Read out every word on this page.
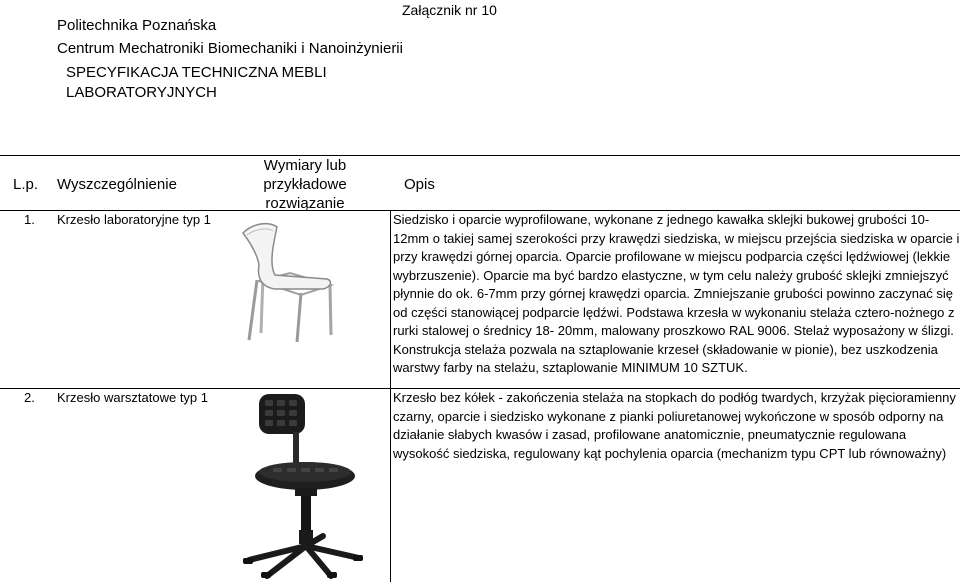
Załącznik nr 10
Politechnika Poznańska
Centrum Mechatroniki Biomechaniki i Nanoinżynierii
SPECYFIKACJA TECHNICZNA MEBLI
LABORATORYJNYCH
L.p. Wyszczególnienie
Wymiary lub
przykładowe
rozwiązanie
Opis
1. Krzesło laboratoryjne typ 1	Siedzisko i oparcie wyprofilowane, wykonane z jednego kawałka sklejki bukowej grubości 10-
12mm o takiej samej szerokości przy krawędzi siedziska, w miejscu przejścia siedziska w oparcie i
przy krawędzi górnej oparcia. Oparcie profilowane w miejscu podparcia części lędźwiowej (lekkie
wybrzuszenie). Oparcie ma być bardzo elastyczne, w tym celu należy grubość sklejki zmniejszyć
płynnie do ok. 6-7mm przy górnej krawędzi oparcia. Zmniejszanie grubości powinno zaczynać się
od części stanowiącej podparcie lędźwi. Podstawa krzesła w wykonaniu stelaża cztero-nożnego z
rurki stalowej o średnicy 18- 20mm, malowany proszkowo RAL 9006. Stelaż wyposażony w ślizgi.
Konstrukcja stelaża pozwala na sztaplowanie krzeseł (składowanie w pionie), bez uszkodzenia
warstwy farby na stelażu, sztaplowanie MINIMUM 10 SZTUK.
2. Krzesło warsztatowe typ 1	Krzesło bez kółek - zakończenia stelaża na stopkach do podłóg twardych, krzyżak pięcioramienny
czarny, oparcie i siedzisko wykonane z pianki poliuretanowej wykończone w sposób odporny na
działanie słabych kwasów i zasad, profilowane anatomicznie, pneumatycznie regulowana
wysokość siedziska, regulowany kąt pochylenia oparcia (mechanizm typu CPT lub równoważny)
